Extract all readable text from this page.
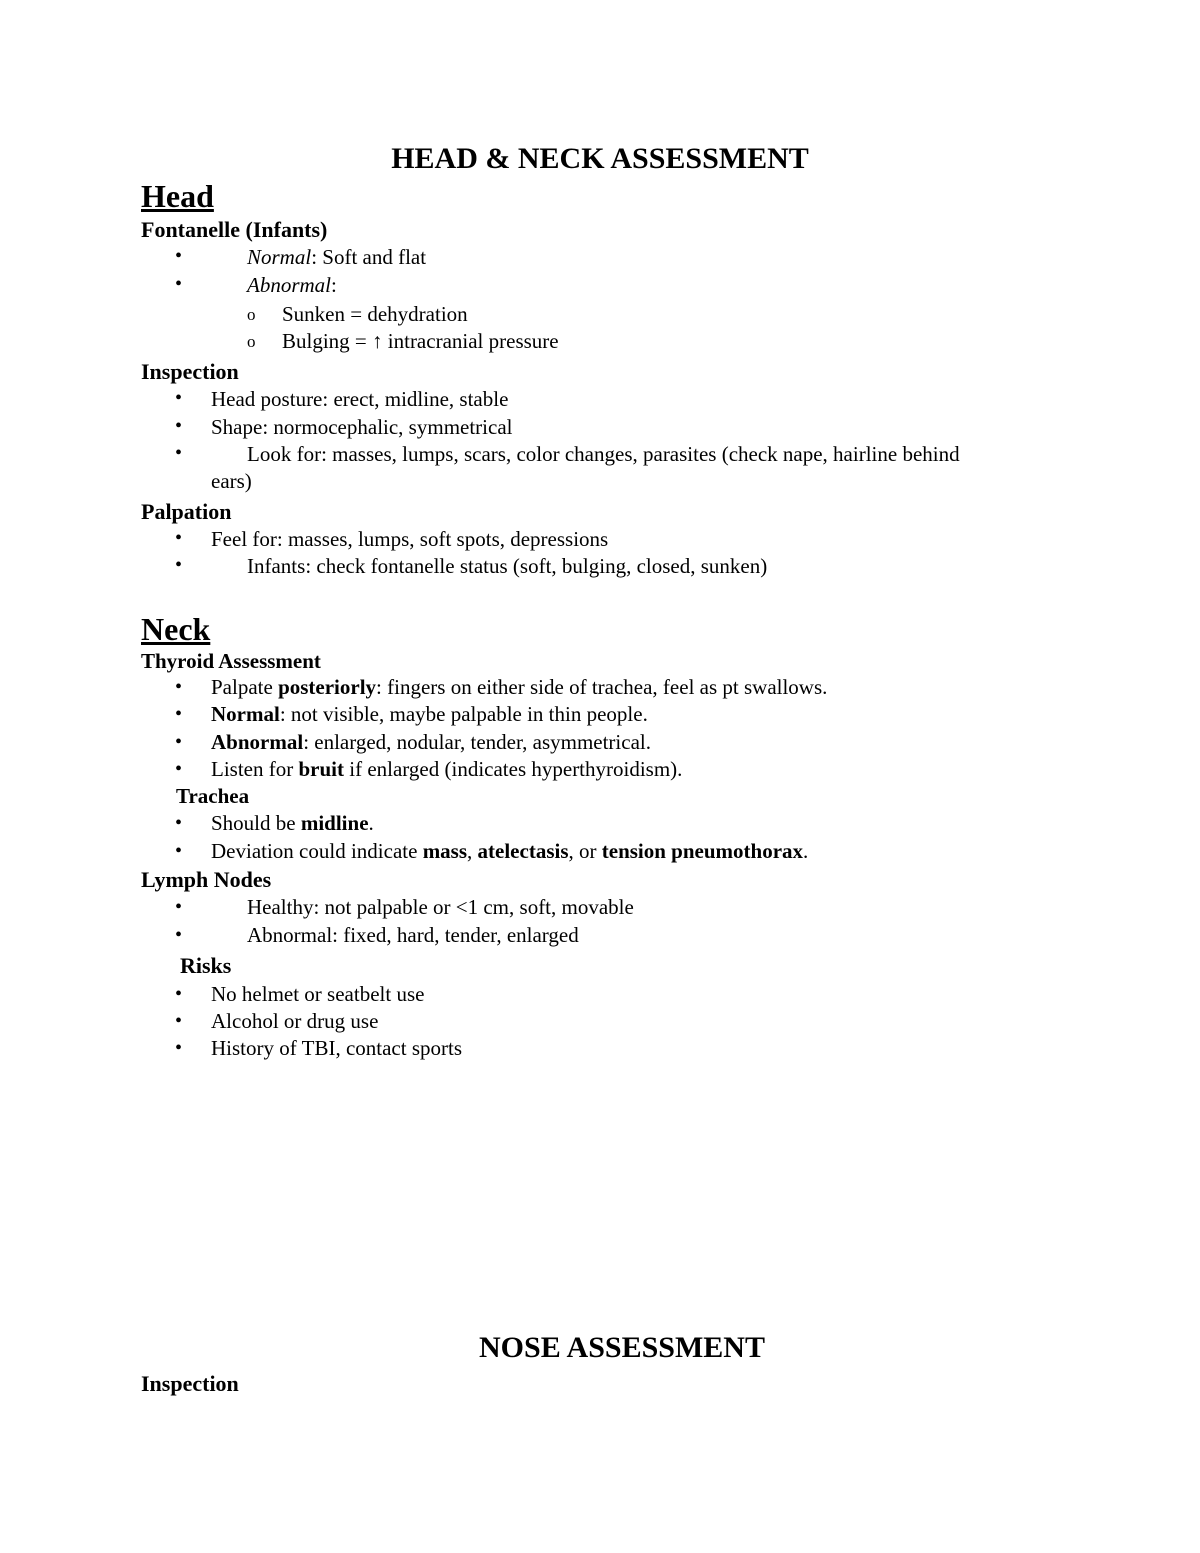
HEAD & NECK ASSESSMENT
Head
Fontanelle (Infants)
•	Normal: Soft and flat
•	Abnormal:
o Sunken = dehydration
o Bulging = ↑ intracranial pressure
Inspection
• Head posture: erect, midline, stable
• Shape: normocephalic, symmetrical
•	Look for: masses, lumps, scars, color changes, parasites (check nape, hairline behind
ears)
Palpation
• Feel for: masses, lumps, soft spots, depressions
•	Infants: check fontanelle status (soft, bulging, closed, sunken)
Neck
Thyroid Assessment
• Palpate posteriorly: fingers on either side of trachea, feel as pt swallows.
• Normal: not visible, maybe palpable in thin people.
• Abnormal: enlarged, nodular, tender, asymmetrical.
• Listen for bruit if enlarged (indicates hyperthyroidism).
Trachea
• Should be midline.
• Deviation could indicate mass, atelectasis, or tension pneumothorax.
Lymph Nodes
•	Healthy: not palpable or <1 cm, soft, movable
•	Abnormal: fixed, hard, tender, enlarged
Risks
• No helmet or seatbelt use
• Alcohol or drug use
• History of TBI, contact sports
NOSE ASSESSMENT
Inspection
